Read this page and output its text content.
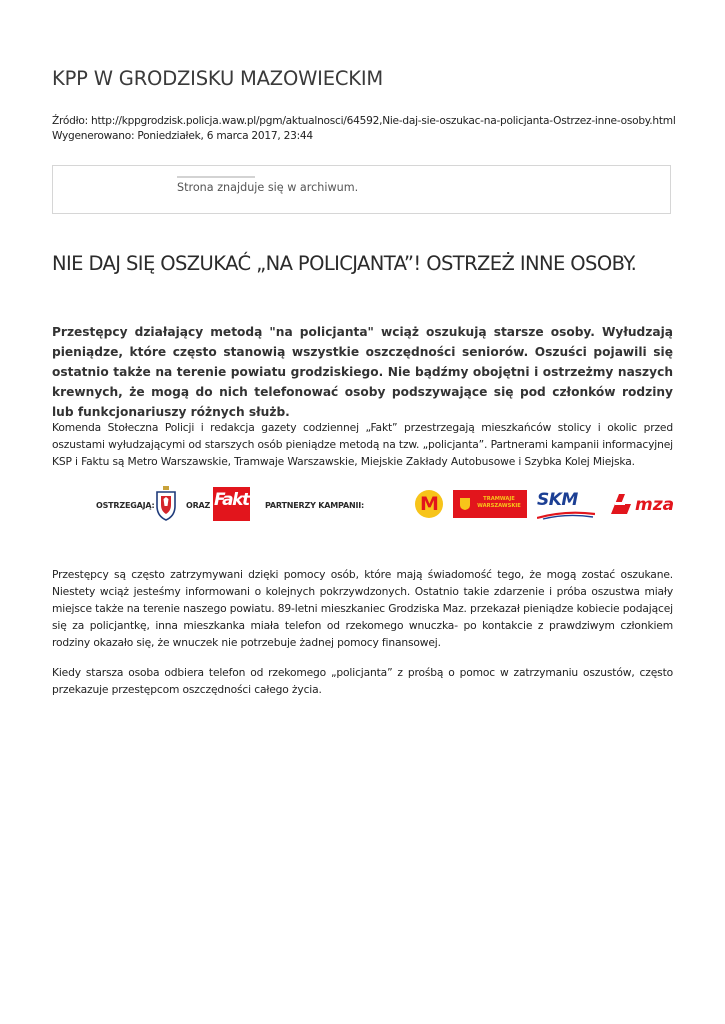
KPP W GRODZISKU MAZOWIECKIM
Źródło: http://kppgrodzisk.policja.waw.pl/pgm/aktualnosci/64592,Nie-daj-sie-oszukac-na-policjanta-Ostrzez-inne-osoby.html
Wygenerowano: Poniedziałek, 6 marca 2017, 23:44
Strona znajduje się w archiwum.
NIE DAJ SIĘ OSZUKAĆ „NA POLICJANTA”! OSTRZEŻ INNE OSOBY.

Przestępcy działający metodą "na policjanta" wciąż oszukują starsze osoby. Wyłudzają pieniądze, które często stanowią wszystkie oszczędności seniorów. Oszuści pojawili się ostatnio także na terenie powiatu grodziskiego. Nie bądźmy obojętni i ostrzeżmy naszych krewnych, że mogą do nich telefonować osoby podszywające się pod członków rodziny lub funkcjonariuszy różnych służb.

Komenda Stołeczna Policji i redakcja gazety codziennej „Fakt” przestrzegają mieszkańców stolicy i okolic przed oszustami wyłudzającymi od starszych osób pieniądze metodą na tzw. „policjanta”. Partnerami kampanii informacyjnej KSP i Faktu są Metro Warszawskie, Tramwaje Warszawskie, Miejskie Zakłady Autobusowe i Szybka Kolej Miejska.

Przestępcy są często zatrzymywani dzięki pomocy osób, które mają świadomość tego, że mogą zostać oszukane. Niestety wciąż jesteśmy informowani o kolejnych pokrzywdzonych. Ostatnio takie zdarzenie i próba oszustwa miały miejsce także na terenie naszego powiatu. 89-letni mieszkaniec Grodziska Maz. przekazał pieniądze kobiecie podającej się za policjantkę, inna mieszkanka miała telefon od rzekomego wnuczka- po kontakcie z prawdziwym członkiem rodziny okazało się, że wnuczek nie potrzebuje żadnej pomocy finansowej.

Kiedy starsza osoba odbiera telefon od rzekomego „policjanta” z prośbą o pomoc w zatrzymaniu oszustów, często przekazuje przestępcom oszczędności całego życia.

OSTRZEGAJĄ:	ORAZ Fakt PARTNERZY KAMPANII:	M	TRAMWAJE
WARSZAWSKIE SKM	mza
